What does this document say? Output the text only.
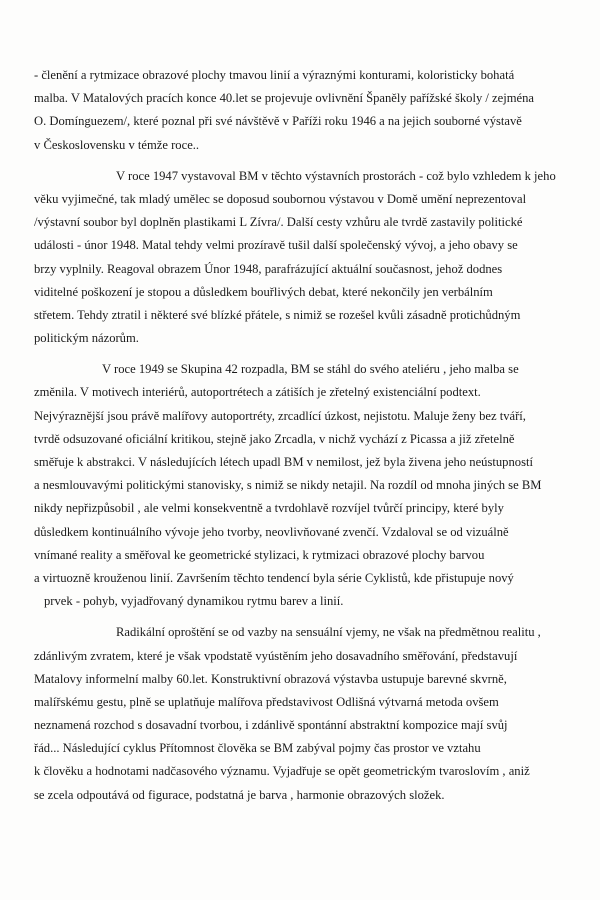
- členění a rytmizace obrazové plochy tmavou linií a výraznými konturami, koloristicky bohatá
malba. V Matalových pracích konce 40.let se projevuje ovlivnění Španěly pařížské školy / zejména
O. Domínguezem/, které poznal při své návštěvě v Paříži roku 1946 a na jejich souborné výstavě
v Československu v témže roce..
V roce 1947 vystavoval BM v těchto výstavních prostorách - což bylo vzhledem k jeho
věku vyjimečné, tak mladý umělec se doposud soubornou výstavou v Domě umění neprezentoval
/výstavní soubor byl doplněn plastikami L Zívra/. Další cesty vzhůru ale tvrdě zastavily politické
události - únor 1948. Matal tehdy velmi prozíravě tušil další společenský vývoj, a jeho obavy se
brzy vyplnily. Reagoval obrazem Únor 1948, parafrázující aktuální současnost, jehož dodnes
viditelné poškození je stopou a důsledkem bouřlivých debat, které nekončily jen verbálním
střetem. Tehdy ztratil i některé své blízké přátele, s nimiž se rozešel kvůli zásadně protichůdným
politickým názorům.
V roce 1949 se Skupina 42 rozpadla, BM se stáhl do svého ateliéru , jeho malba se
změnila. V motivech interiérů, autoportrétech a zátiších je zřetelný existenciální podtext.
Nejvýraznější jsou právě malířovy autoportréty, zrcadlící úzkost, nejistotu. Maluje ženy bez tváří,
tvrdě odsuzované oficiální kritikou, stejně jako Zrcadla, v nichž vychází z Picassa a již zřetelně
směřuje k abstrakci. V následujících létech upadl BM v nemilost, jež byla živena jeho neústupností
a nesmlouvavými politickými stanovisky, s nimiž se nikdy netajil. Na rozdíl od mnoha jiných se BM
nikdy nepřizpůsobil , ale velmi konsekventně a tvrdohlavě rozvíjel tvůrčí principy, které byly
důsledkem kontinuálního vývoje jeho tvorby, neovlivňované zvenčí. Vzdaloval se od vizuálně
vnímané reality a směřoval ke geometrické stylizaci, k rytmizaci obrazové plochy barvou
a virtuozně krouženou linií. Završením těchto tendencí byla série Cyklistů, kde přistupuje nový
prvek - pohyb, vyjadřovaný dynamikou rytmu barev a linií.
Radikální oproštění se od vazby na sensuální vjemy, ne však na předmětnou realitu ,
zdánlivým zvratem, které je však vpodstatě vyústěním jeho dosavadního směřování, představují
Matalovy informelní malby 60.let. Konstruktivní obrazová výstavba ustupuje barevné skvrně,
malířskému gestu, plně se uplatňuje malířova představivost Odlišná výtvarná metoda ovšem
neznamená rozchod s dosavadní tvorbou, i zdánlivě spontánní abstraktní kompozice mají svůj
řád... Následující cyklus Přítomnost člověka se BM zabýval pojmy čas prostor ve vztahu
k člověku a hodnotami nadčasového významu. Vyjadřuje se opět geometrickým tvaroslovím , aniž
se zcela odpoutává od figurace, podstatná je barva , harmonie obrazových složek.
